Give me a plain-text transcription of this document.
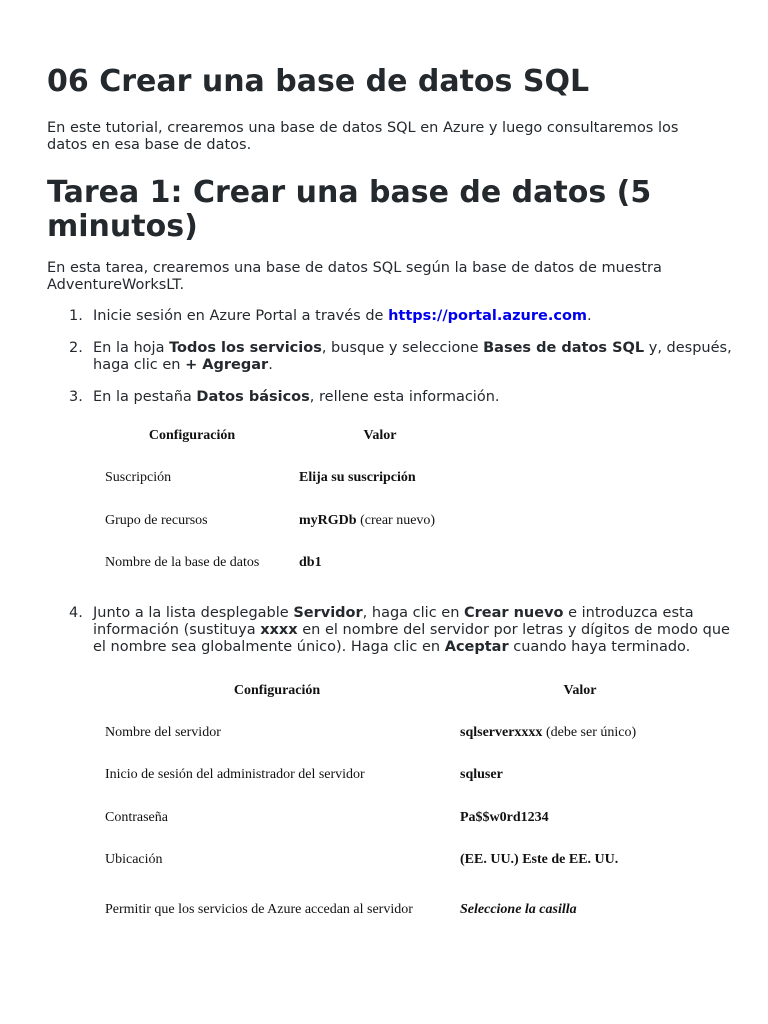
06 Crear una base de datos SQL

En este tutorial, crearemos una base de datos SQL en Azure y luego consultaremos los datos en esa base de datos.

Tarea 1: Crear una base de datos (5 minutos)

En esta tarea, crearemos una base de datos SQL según la base de datos de muestra AdventureWorksLT.

1. Inicie sesión en Azure Portal a través de https://portal.azure.com.
2. En la hoja Todos los servicios, busque y seleccione Bases de datos SQL y, después, haga clic en + Agregar.
3. En la pestaña Datos básicos, rellene esta información.
Configuración	Valor
Suscripción	Elija su suscripción
Grupo de recursos	myRGDb (crear nuevo)
Nombre de la base de datos	db1
4. Junto a la lista desplegable Servidor, haga clic en Crear nuevo e introduzca esta información (sustituya xxxx en el nombre del servidor por letras y dígitos de modo que el nombre sea globalmente único). Haga clic en Aceptar cuando haya terminado.
Configuración	Valor
Nombre del servidor	sqlserverxxxx (debe ser único)
Inicio de sesión del administrador del servidor	sqluser
Contraseña	Pa$$w0rd1234
Ubicación	(EE. UU.) Este de EE. UU.
Permitir que los servicios de Azure accedan al servidor	Seleccione la casilla
